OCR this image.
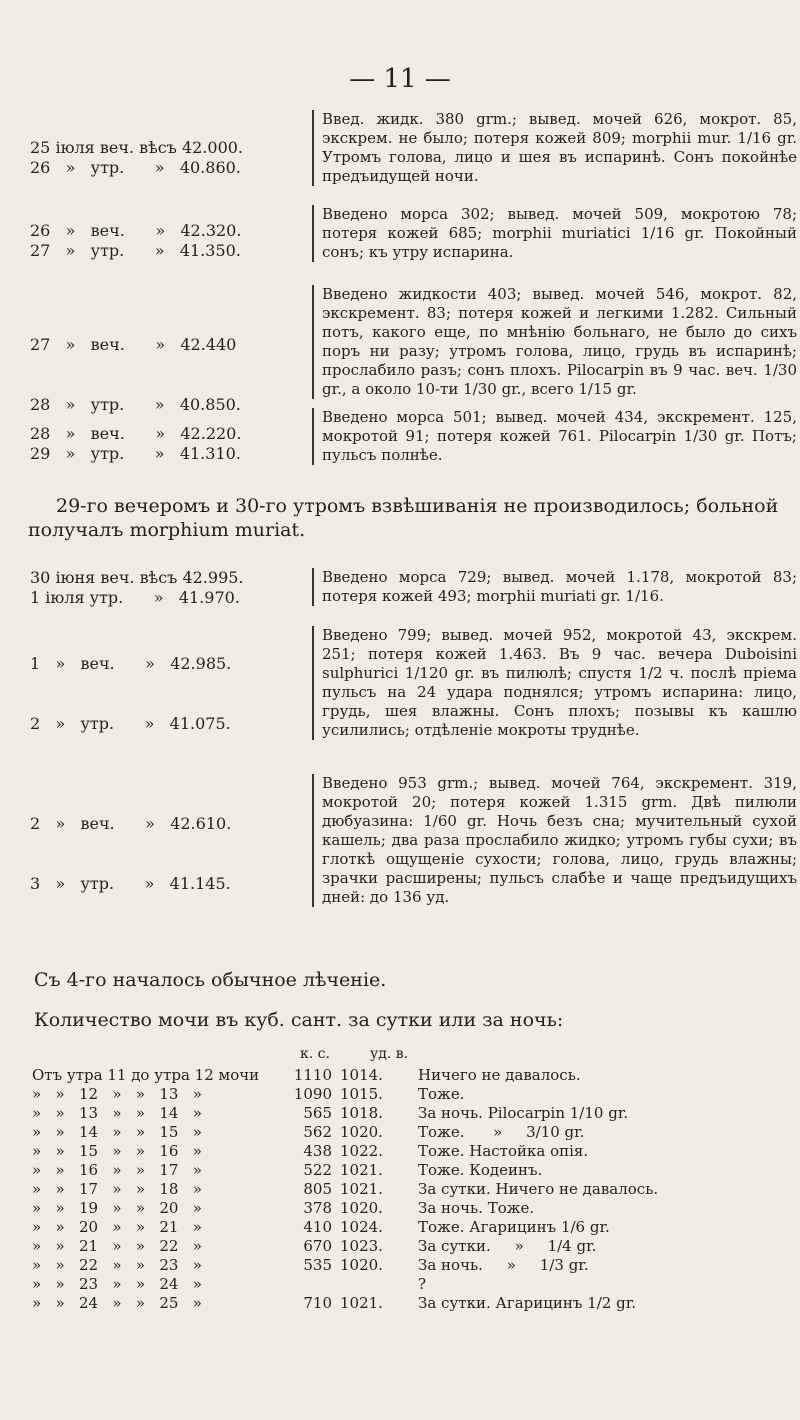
— 11 —
25 іюля веч. вѣсъ 42.000.
26   »   утр.      »   40.860.
Введ. жидк. 380 grm.; вывед. мочей 626, мокрот. 85, экскрем. не было; потеря кожей 809; morphii mur. 1/16 gr. Утромъ голова, лицо и шея въ испаринѣ. Сонъ покойнѣе предъидущей ночи.
26   »   веч.      »   42.320.
27   »   утр.      »   41.350.
Введено морса 302; вывед. мочей 509, мокротою 78; потеря кожей 685; morphii muriatici 1/16 gr. Покойный сонъ; къ утру испарина.
27   »   веч.      »   42.440
28   »   утр.      »   40.850.
Введено жидкости 403; вывед. мочей 546, мокрот. 82, экскремент. 83; потеря кожей и легкими 1.282. Сильный потъ, какого еще, по мнѣнію больнаго, не было до сихъ поръ ни разу; утромъ голова, лицо, грудь въ испаринѣ; прослабило разъ; сонъ плохъ. Pilocarpin въ 9 час. веч. 1/30 gr., а около 10-ти 1/30 gr., всего 1/15 gr.
28   »   веч.      »   42.220.
29   »   утр.      »   41.310.
Введено морса 501; вывед. мочей 434, экскремент. 125, мокротой 91; потеря кожей 761. Pilocarpin 1/30 gr. Потъ; пульсъ полнѣе.
29-го вечеромъ и 30-го утромъ взвѣшиванія не производилось; больной получалъ morphium muriat.
30 іюня веч. вѣсъ 42.995.
1 іюля утр.      »   41.970.
Введено морса 729; вывед. мочей 1.178, мокротой 83; потеря кожей 493; morphii muriati gr. 1/16.
1   »   веч.      »   42.985.
2   »   утр.      »   41.075.
Введено 799; вывед. мочей 952, мокротой 43, экскрем. 251; потеря кожей 1.463. Въ 9 час. вечера Duboisini sulphurici 1/120 gr. въ пилюлѣ; спустя 1/2 ч. послѣ пріема пульсъ на 24 удара поднялся; утромъ испарина: лицо, грудь, шея влажны. Сонъ плохъ; позывы къ кашлю усилились; отдѣленіе мокроты труднѣе.
2   »   веч.      »   42.610.
3   »   утр.      »   41.145.
Введено 953 grm.; вывед. мочей 764, экскремент. 319, мокротой 20; потеря кожей 1.315 grm. Двѣ пилюли дюбуазина: 1/60 gr. Ночь безъ сна; мучительный сухой кашель; два раза прослабило жидко; утромъ губы сухи; въ глоткѣ ощущеніе сухости; голова, лицо, грудь влажны; зрачки расширены; пульсъ слабѣе и чаще предъидущихъ дней: до 136 уд.
Съ 4-го началось обычное лѣченіе.
Количество мочи въ куб. сант. за сутки или за ночь:
к. с.	уд. в.
Отъ утра 11 до утра 12 мочи	1110	1014.	Ничего не давалось.
»   »   12   »   »   13   »	1090	1015.	Тоже.
»   »   13   »   »   14   »	565	1018.	За ночь. Pilocarpin 1/10 gr.
»   »   14   »   »   15   »	562	1020.	Тоже.      »     3/10 gr.
»   »   15   »   »   16   »	438	1022.	Тоже. Настойка опія.
»   »   16   »   »   17   »	522	1021.	Тоже. Кодеинъ.
»   »   17   »   »   18   »	805	1021.	За сутки. Ничего не давалось.
»   »   19   »   »   20   »	378	1020.	За ночь. Тоже.
»   »   20   »   »   21   »	410	1024.	Тоже. Агарицинъ 1/6 gr.
»   »   21   »   »   22   »	670	1023.	За сутки.     »     1/4 gr.
»   »   22   »   »   23   »	535	1020.	За ночь.     »     1/3 gr.
»   »   23   »   »   24   »			?
»   »   24   »   »   25   »	710	1021.	За сутки. Агарицинъ 1/2 gr.
